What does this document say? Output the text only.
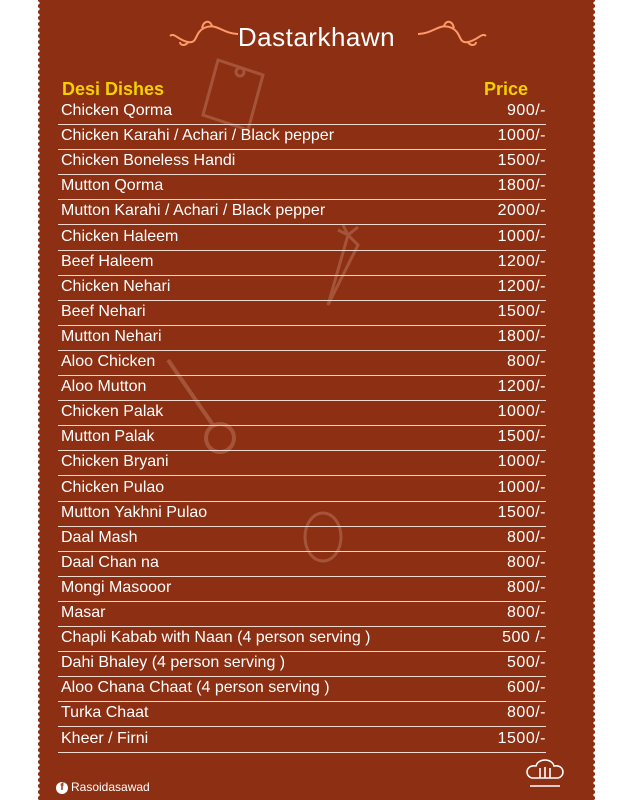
Dastarkhawn
Desi Dishes	Price
Chicken Qorma	900/-
Chicken Karahi / Achari / Black pepper	1000/-
Chicken Boneless Handi	1500/-
Mutton Qorma	1800/-
Mutton Karahi / Achari / Black pepper	2000/-
Chicken Haleem	1000/-
Beef Haleem	1200/-
Chicken Nehari	1200/-
Beef Nehari	1500/-
Mutton Nehari	1800/-
Aloo Chicken	800/-
Aloo Mutton	1200/-
Chicken Palak	1000/-
Mutton Palak	1500/-
Chicken Bryani	1000/-
Chicken Pulao	1000/-
Mutton Yakhni Pulao	1500/-
Daal Mash	800/-
Daal Chan na	800/-
Mongi Masooor	800/-
Masar	800/-
Chapli Kabab with Naan (4 person serving )	500 /-
Dahi Bhaley (4 person serving )	500/-
Aloo Chana Chaat (4 person serving )	600/-
Turka Chaat	800/-
Kheer / Firni	1500/-
f Rasoidasawad
